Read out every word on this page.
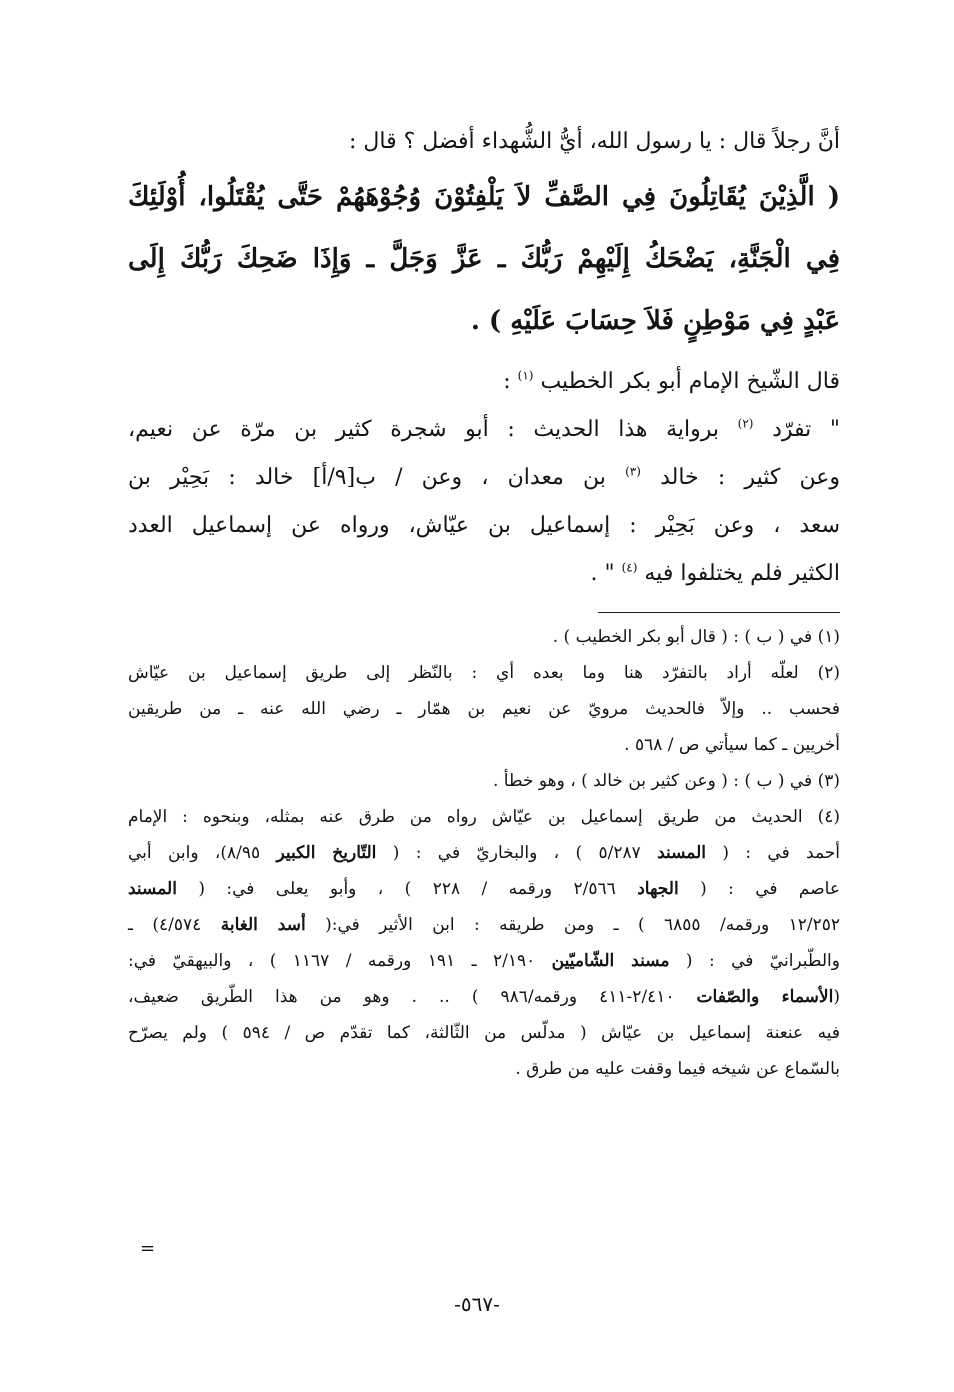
أنَّ رجلاً قال : يا رسول الله، أيُّ الشُّهداء أفضل ؟ قال :
( الَّذِيْنَ يُقَاتِلُونَ فِي الصَّفِّ لاَ يَلْفِتُوْنَ وُجُوْهَهُمْ حَتَّى يُقْتَلُوا، أُوْلَئِكَ
فِي الْجَنَّةِ، يَضْحَكُ إِلَيْهِمْ رَبُّكَ ـ عَزَّ وَجَلَّ ـ وَإِذَا ضَحِكَ رَبُّكَ إِلَى
عَبْدٍ فِي مَوْطِنٍ فَلاَ حِسَابَ عَلَيْهِ ) .
قال الشّيخ الإمام أبو بكر الخطيب $^{(١)}$ :
" تفرّد $^{(٢)}$ برواية هذا الحديث : أبو شجرة كثير بن مرّة عن نعيم،
وعن كثير : خالد $^{(٣)}$ بن معدان ، وعن / ب[٩/أ] خالد : بَحِيْر بن
سعد ، وعن بَحِيْر : إسماعيل بن عيّاش، ورواه عن إسماعيل العدد
الكثير فلم يختلفوا فيه $^{(٤)}$ " .
(١) في ( ب ) : ( قال أبو بكر الخطيب ) .
(٢) لعلّه أراد بالتفرّد هنا وما بعده أي : بالنّظر إلى طريق إسماعيل بن عيّاش
فحسب .. وإلاّ فالحديث مرويّ عن نعيم بن همّار ـ رضي الله عنه ـ من طريقين
أخريين ـ كما سيأتي ص / ٥٦٨ .
(٣) في ( ب ) : ( وعن كثير بن خالد ) ، وهو خطأ .
(٤) الحديث من طريق إسماعيل بن عيّاش رواه من طرق عنه بمثله، وبنحوه : الإمام
أحمد في : ( المسند ٥/٢٨٧ ) ، والبخاريّ في : ( التّاريخ الكبير ٨/٩٥)، وابن أبي
عاصم في : ( الجهاد ٢/٥٦٦ ورقمه / ٢٢٨ ) ، وأبو يعلى في: ( المسند
١٢/٢٥٢ ورقمه/ ٦٨٥٥ ) ـ ومن طريقه : ابن الأثير في:( أسد الغابة ٤/٥٧٤) ـ
والطّبرانيّ في : ( مسند الشّاميّين ٢/١٩٠ ـ ١٩١ ورقمه / ١١٦٧ ) ، والبيهقيّ في:
(الأسماء والصّفات ٢/٤١٠-٤١١ ورقمه/٩٨٦ ) .. . وهو من هذا الطّريق ضعيف،
فيه عنعنة إسماعيل بن عيّاش ( مدلّس من الثّالثة، كما تقدّم ص / ٥٩٤ ) ولم يصرّح
بالسّماع عن شيخه فيما وقفت عليه من طرق .
=
-٥٦٧-
